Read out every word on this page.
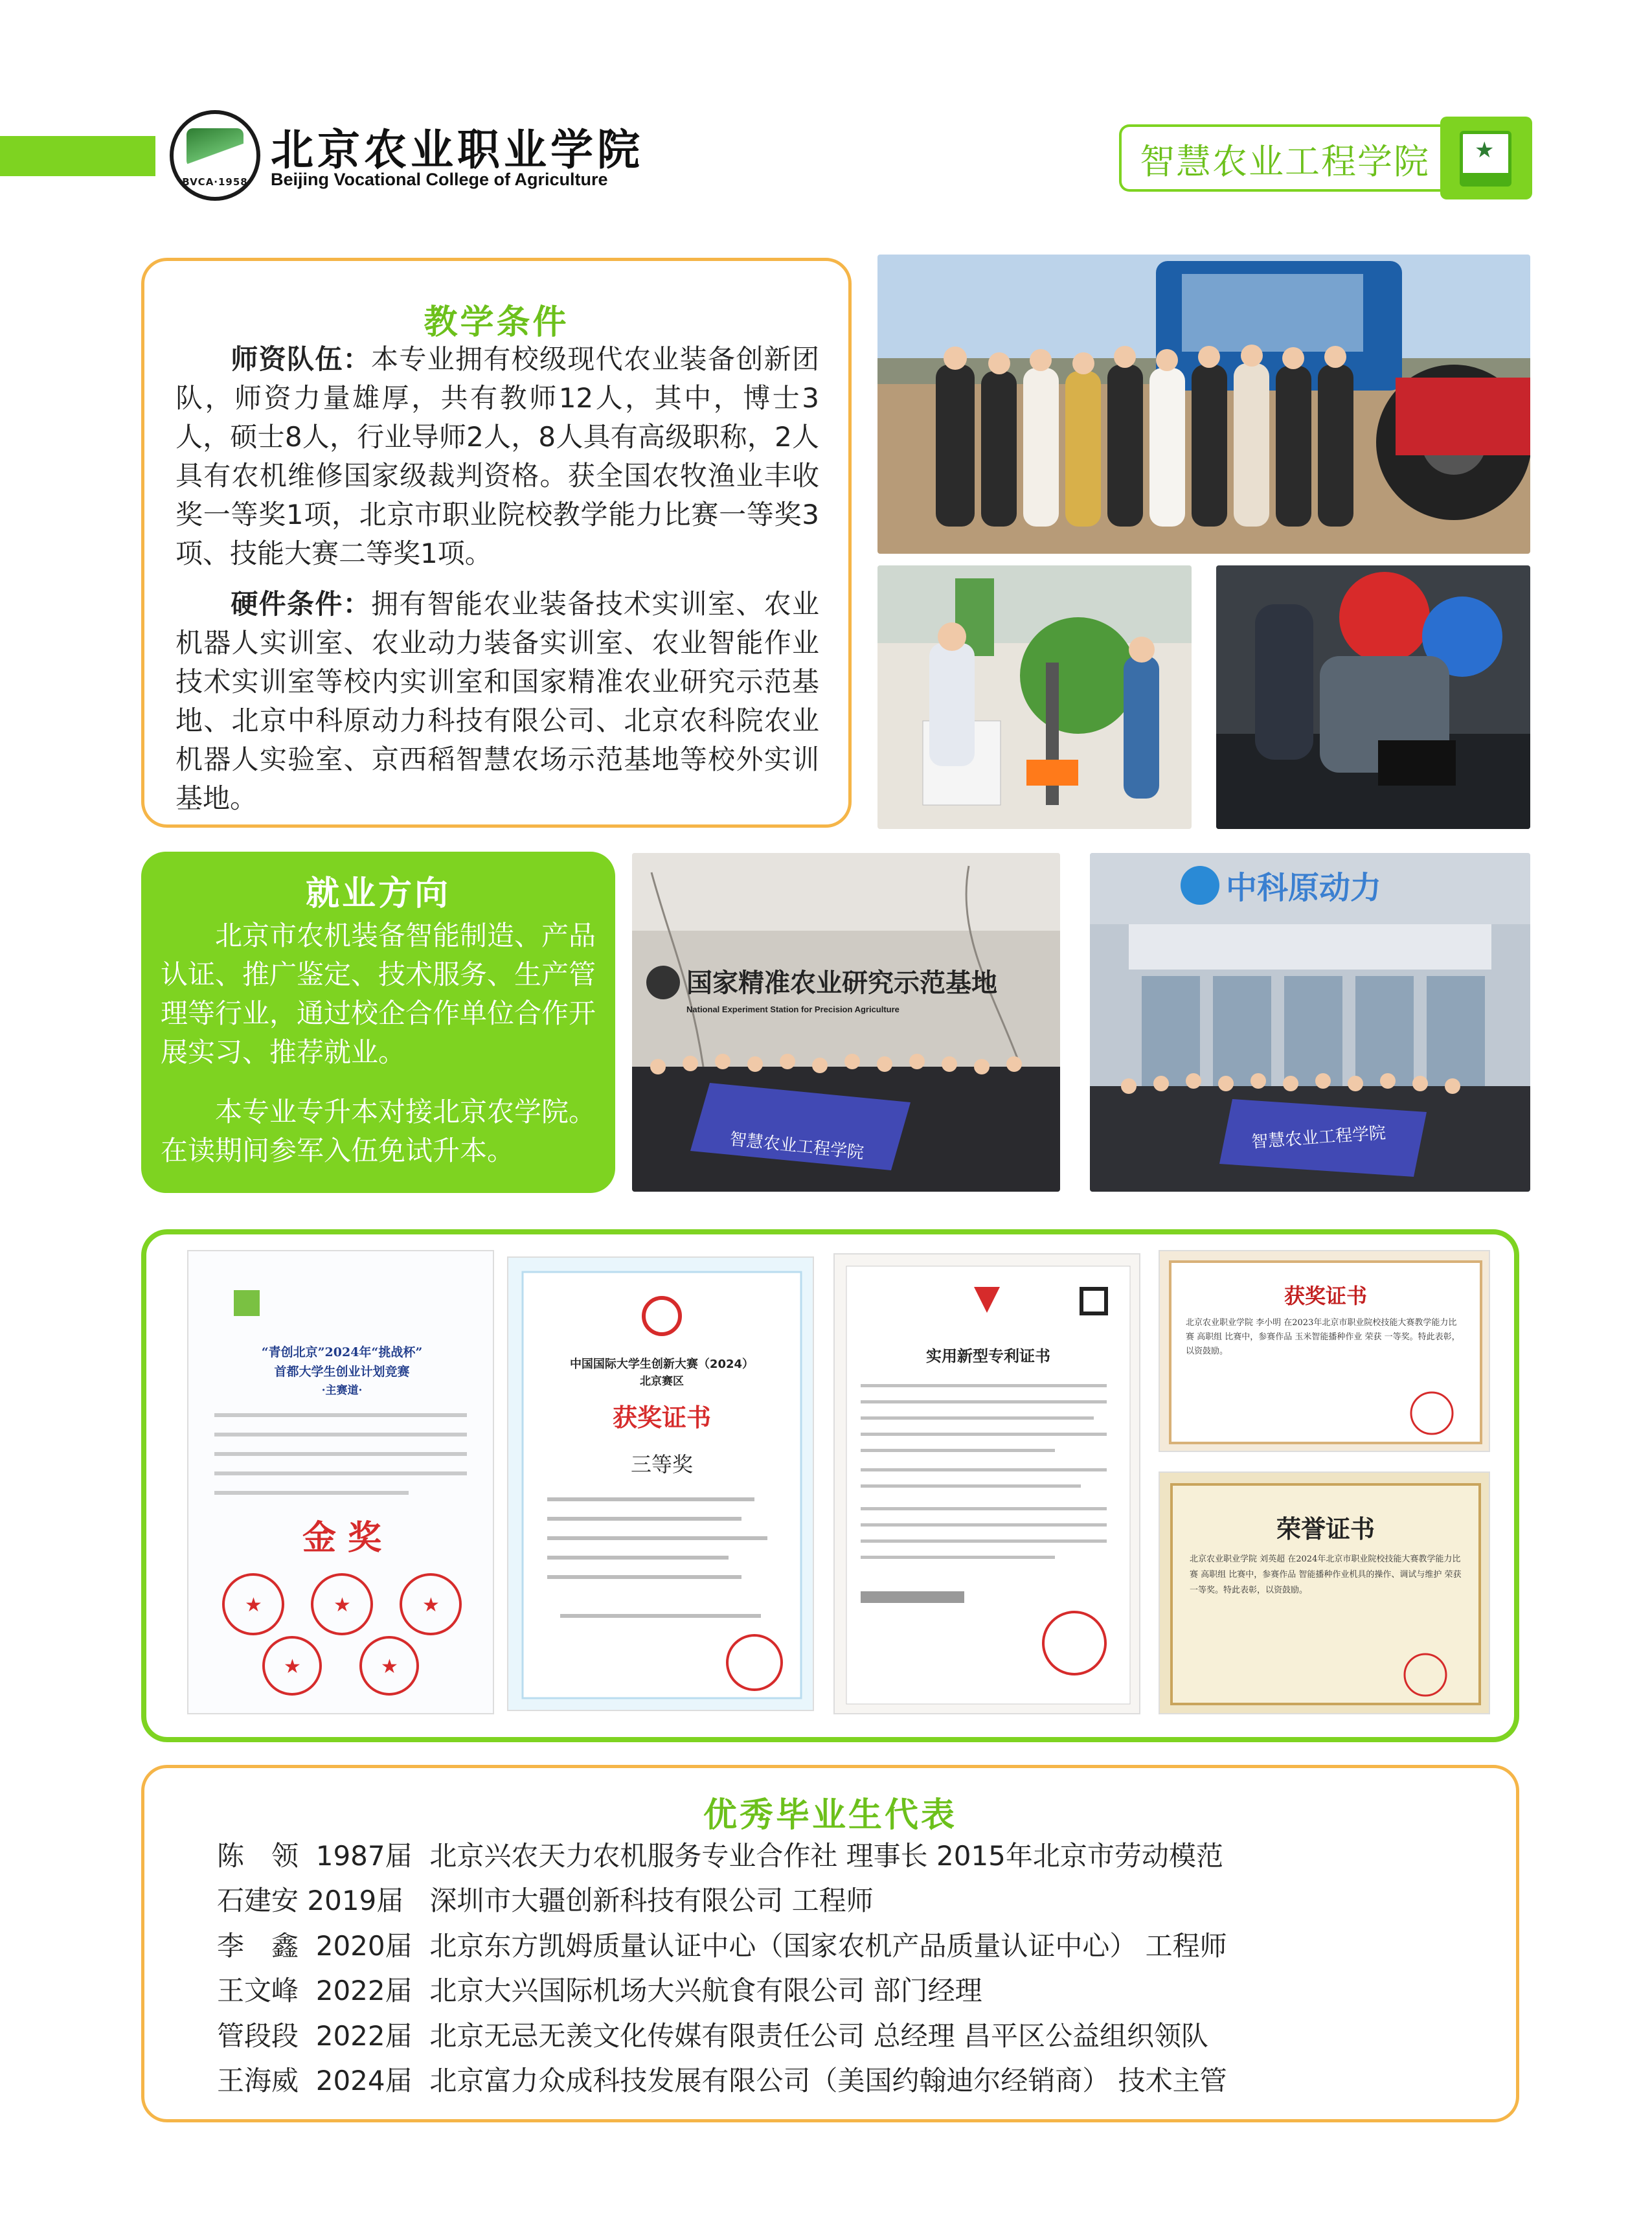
BVCA·1958
北京农业职业学院
Beijing Vocational College of Agriculture	智慧农业工程学院 ★
教学条件
师资队伍：本专业拥有校级现代农业装备创新团队，师资力量雄厚，共有教师12人，其中，博士3人，硕士8人，行业导师2人，8人具有高级职称，2人具有农机维修国家级裁判资格。获全国农牧渔业丰收奖一等奖1项，北京市职业院校教学能力比赛一等奖3项、技能大赛二等奖1项。
硬件条件：拥有智能农业装备技术实训室、农业机器人实训室、农业动力装备实训室、农业智能作业技术实训室等校内实训室和国家精准农业研究示范基地、北京中科原动力科技有限公司、北京农科院农业机器人实验室、京西稻智慧农场示范基地等校外实训基地。
就业方向
北京市农机装备智能制造、产品认证、推广鉴定、技术服务、生产管理等行业，通过校企合作单位合作开展实习、推荐就业。
本专业专升本对接北京农学院。在读期间参军入伍免试升本。
国家精准农业研究示范基地
National Experiment Station for Precision Agriculture
智慧农业工程学院
中科原动力
智慧农业工程学院
“青创北京”2024年“挑战杯”
首都大学生创业计划竞赛
·主赛道·
金 奖
★	★	★
★	★
中国国际大学生创新大赛（2024）
北京赛区
获奖证书
三等奖
实用新型专利证书
获奖证书
北京农业职业学院 李小明 在2023年北京市职业院校技能大赛教学能力比赛 高职组 比赛中，参赛作品 玉米智能播种作业 荣获 一等奖。特此表彰，以资鼓励。
荣誉证书
北京农业职业学院 刘英超 在2024年北京市职业院校技能大赛教学能力比赛 高职组 比赛中，参赛作品 智能播种作业机具的操作、调试与维护 荣获 一等奖。特此表彰，以资鼓励。
优秀毕业生代表
陈　领 1987届 北京兴农天力农机服务专业合作社 理事长 2015年北京市劳动模范
石建安 2019届 深圳市大疆创新科技有限公司 工程师
李　鑫 2020届 北京东方凯姆质量认证中心（国家农机产品质量认证中心） 工程师
王文峰 2022届 北京大兴国际机场大兴航食有限公司 部门经理
管段段 2022届 北京无忌无羡文化传媒有限责任公司 总经理 昌平区公益组织领队
王海威 2024届 北京富力众成科技发展有限公司（美国约翰迪尔经销商） 技术主管
